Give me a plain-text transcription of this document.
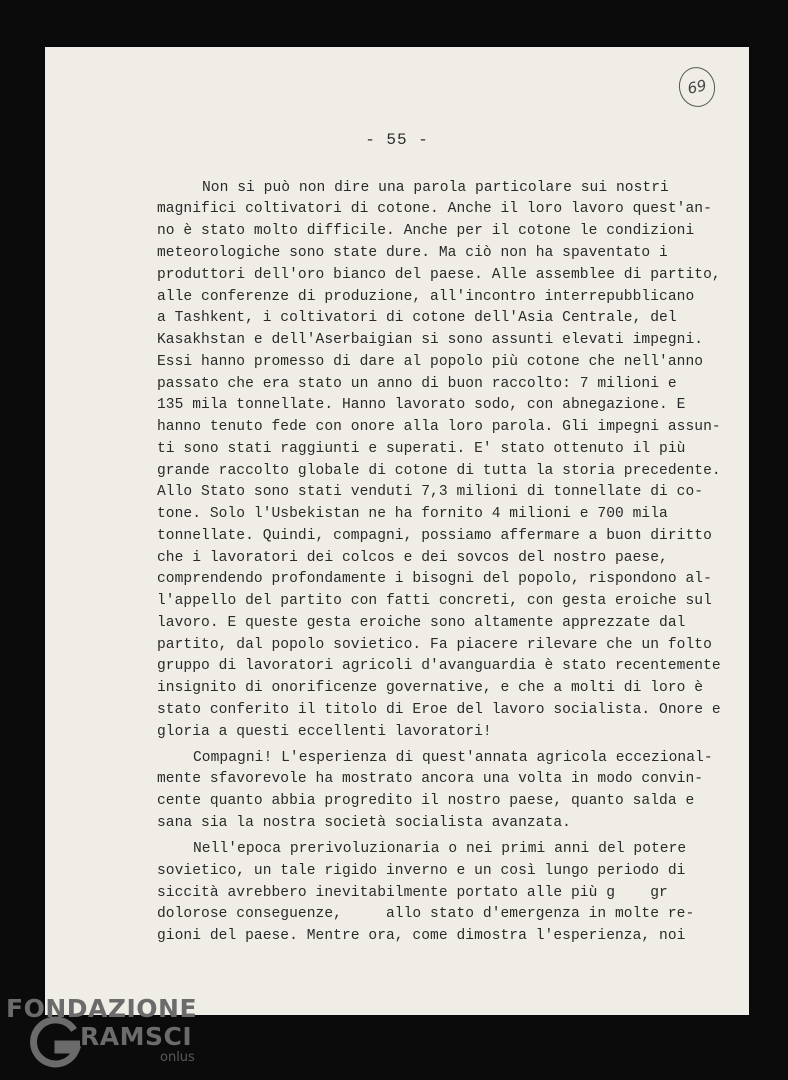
69
- 55 -
Non si può non dire una parola particolare sui nostri
magnifici coltivatori di cotone. Anche il loro lavoro quest'an-
no è stato molto difficile. Anche per il cotone le condizioni
meteorologiche sono state dure. Ma ciò non ha spaventato i
produttori dell'oro bianco del paese. Alle assemblee di partito,
alle conferenze di produzione, all'incontro interrepubblicano
a Tashkent, i coltivatori di cotone dell'Asia Centrale, del
Kasakhstan e dell'Aserbaigian si sono assunti elevati impegni.
Essi hanno promesso di dare al popolo più cotone che nell'anno
passato che era stato un anno di buon raccolto: 7 milioni e
135 mila tonnellate. Hanno lavorato sodo, con abnegazione. E
hanno tenuto fede con onore alla loro parola. Gli impegni assun-
ti sono stati raggiunti e superati. E' stato ottenuto il più
grande raccolto globale di cotone di tutta la storia precedente.
Allo Stato sono stati venduti 7,3 milioni di tonnellate di co-
tone. Solo l'Usbekistan ne ha fornito 4 milioni e 700 mila
tonnellate. Quindi, compagni, possiamo affermare a buon diritto
che i lavoratori dei colcos e dei sovcos del nostro paese,
comprendendo profondamente i bisogni del popolo, rispondono al-
l'appello del partito con fatti concreti, con gesta eroiche sul
lavoro. E queste gesta eroiche sono altamente apprezzate dal
partito, dal popolo sovietico. Fa piacere rilevare che un folto
gruppo di lavoratori agricoli d'avanguardia è stato recentemente
insignito di onorificenze governative, e che a molti di loro è
stato conferito il titolo di Eroe del lavoro socialista. Onore e
gloria a questi eccellenti lavoratori!
Compagni! L'esperienza di quest'annata agricola eccezional-
mente sfavorevole ha mostrato ancora una volta in modo convin-
cente quanto abbia progredito il nostro paese, quanto salda e
sana sia la nostra società socialista avanzata.
Nell'epoca prerivoluzionaria o nei primi anni del potere
sovietico, un tale rigido inverno e un così lungo periodo di
siccità avrebbero inevitabilmente portato alle più g    gr
dolorose conseguenze,     allo stato d'emergenza in molte re-
gioni del paese. Mentre ora, come dimostra l'esperienza, noi
FONDAZIONE
RAMSCI
onlus
